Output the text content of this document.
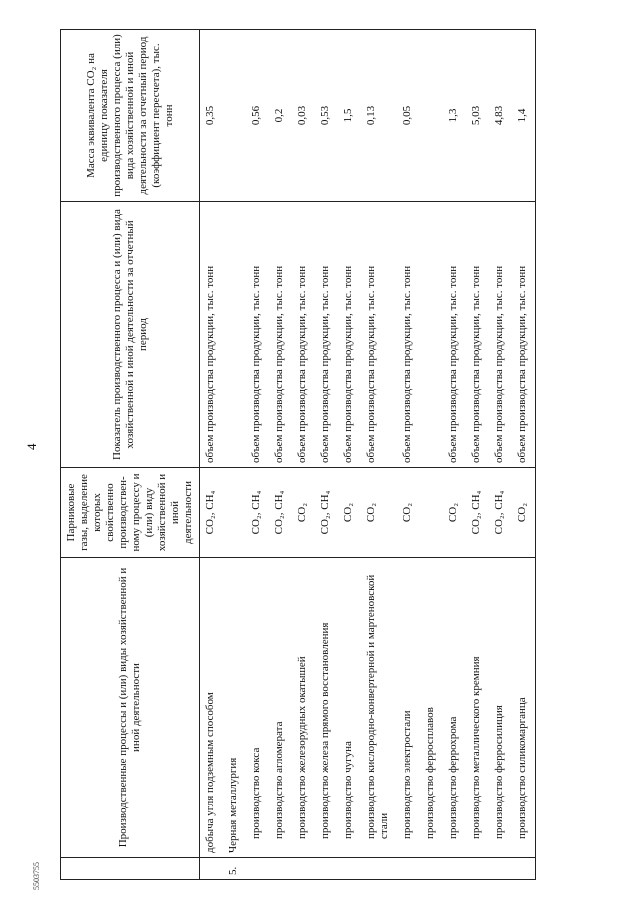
4
5503755
	Производственные процессы и (или) виды хозяйственной и иной деятельности	Парниковые газы, выделение которых свойственно производствен-ному процессу и (или) виду хозяйственной и иной деятельности	Показатель производственного процесса и (или) вида хозяйственной и иной деятельности за отчетный период	Масса эквивалента CO₂ на единицу показателя производственного процесса (или) вида хозяйственной и иной деятельности за отчетный период (коэффициент пересчета), тыс. тонн
	добыча угля подземным способом	CO₂, CH₄	объем производства продукции, тыс. тонн	0,35
5.	Черная металлургия			
	производство кокса	CO₂, CH₄	объем производства продукции, тыс. тонн	0,56
	производство агломерата	CO₂, CH₄	объем производства продукции, тыс. тонн	0,2
	производство железорудных окатышей	CO₂	объем производства продукции, тыс. тонн	0,03
	производство железа прямого восстановления	CO₂, CH₄	объем производства продукции, тыс. тонн	0,53
	производство чугуна	CO₂	объем производства продукции, тыс. тонн	1,5
	производство кислородно-конвертерной и мартеновской стали	CO₂	объем производства продукции, тыс. тонн	0,13
	производство электростали	CO₂	объем производства продукции, тыс. тонн	0,05
	производство ферросплавов			
	производство феррохрома	CO₂	объем производства продукции, тыс. тонн	1,3
	производство металлического кремния	CO₂, CH₄	объем производства продукции, тыс. тонн	5,03
	производство ферросилиция	CO₂, CH₄	объем производства продукции, тыс. тонн	4,83
	производство силикомарганца	CO₂	объем производства продукции, тыс. тонн	1,4
